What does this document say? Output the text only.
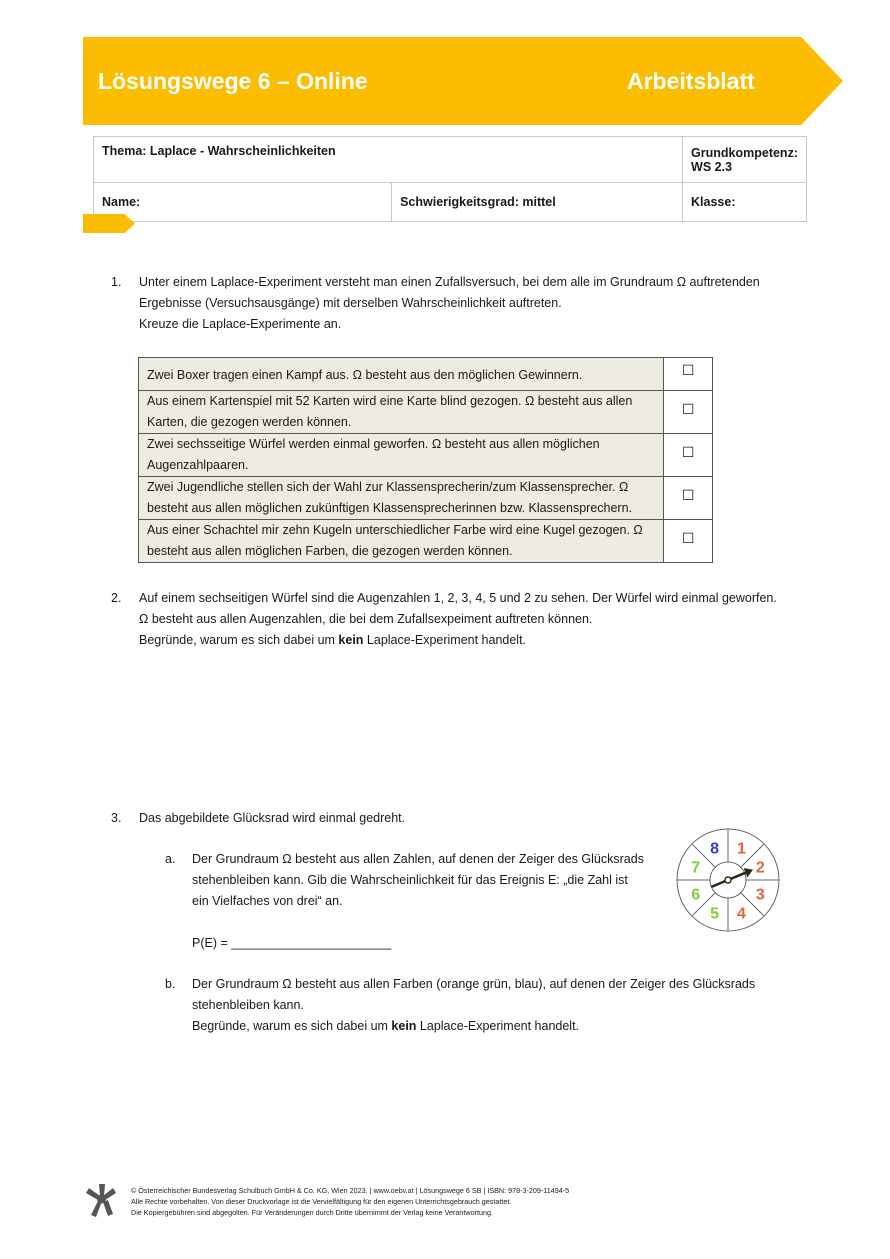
Lösungswege 6 – Online	Arbeitsblatt
Thema: Laplace - Wahrscheinlichkeiten		Grundkompetenz: WS 2.3
Name:	Schwierigkeitsgrad: mittel	Klasse:
1. Unter einem Laplace-Experiment versteht man einen Zufallsversuch, bei dem alle im Grundraum Ω auftretenden

Ergebnisse (Versuchsausgänge) mit derselben Wahrscheinlichkeit auftreten.

Kreuze die Laplace-Experimente an.

Zwei Boxer tragen einen Kampf aus. Ω besteht aus den möglichen Gewinnern.	☐
Aus einem Kartenspiel mit 52 Karten wird eine Karte blind gezogen. Ω besteht aus allen Karten, die gezogen werden können.	☐
Zwei sechsseitige Würfel werden einmal geworfen. Ω besteht aus allen möglichen Augenzahlpaaren.	☐
Zwei Jugendliche stellen sich der Wahl zur Klassensprecherin/zum Klassensprecher. Ω besteht aus allen möglichen zukünftigen Klassensprecherinnen bzw. Klassensprechern.	☐
Aus einer Schachtel mir zehn Kugeln unterschiedlicher Farbe wird eine Kugel gezogen. Ω besteht aus allen möglichen Farben, die gezogen werden können.	☐
2. Auf einem sechseitigen Würfel sind die Augenzahlen 1, 2, 3, 4, 5 und 2 zu sehen. Der Würfel wird einmal geworfen.

Ω besteht aus allen Augenzahlen, die bei dem Zufallsexpeiment auftreten können.

Begründe, warum es sich dabei um kein Laplace-Experiment handelt.

3. Das abgebildete Glücksrad wird einmal gedreht.
a. Der Grundraum Ω besteht aus allen Zahlen, auf denen der Zeiger des Glücksrads

stehenbleiben kann. Gib die Wahrscheinlichkeit für das Ereignis E: „die Zahl ist

ein Vielfaches von drei“ an.

P(E) = _______________________
b. Der Grundraum Ω besteht aus allen Farben (orange grün, blau), auf denen der Zeiger des Glücksrads

stehenbleiben kann.

Begründe, warum es sich dabei um kein Laplace-Experiment handelt.

1
2
3
4
5
6
7
8
© Österreichischer Bundesverlag Schulbuch GmbH & Co. KG, Wien 2023. | www.oebv.at | Lösungswege 6 SB | ISBN: 978-3-209-11494-5
Alle Rechte vorbehalten. Von dieser Druckvorlage ist die Vervielfältigung für den eigenen Unterrichtsgebrauch gestattet.
Die Kopiergebühren sind abgegolten. Für Veränderungen durch Dritte übernimmt der Verlag keine Verantwortung.
